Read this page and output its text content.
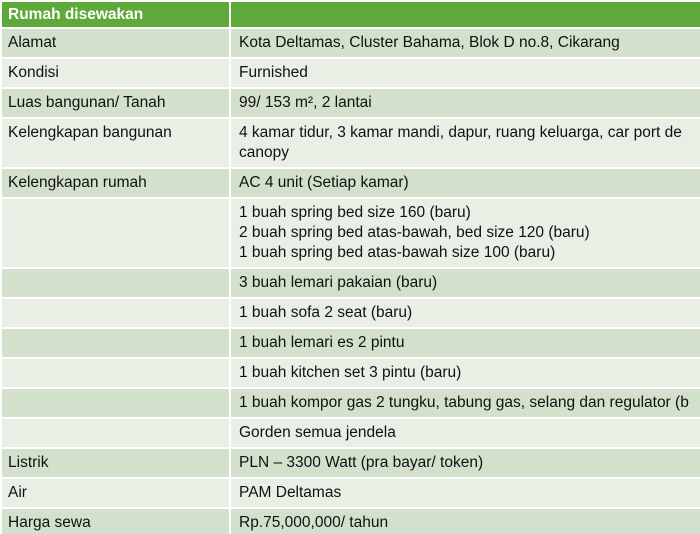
Rumah disewakan	
Alamat	Kota Deltamas, Cluster Bahama, Blok D no.8, Cikarang

Kondisi	Furnished

Luas bangunan/ Tanah	99/ 153 m², 2 lantai

Kelengkapan bangunan	4 kamar tidur, 3 kamar mandi, dapur, ruang keluarga, car port de
canopy

Kelengkapan rumah	AC 4 unit (Setiap kamar)

	1 buah spring bed size 160 (baru)
2 buah spring bed atas-bawah, bed size 120 (baru)
1 buah spring bed atas-bawah size 100 (baru)

	3 buah lemari pakaian (baru)

	1 buah sofa 2 seat (baru)

	1 buah lemari es 2 pintu

	1 buah kitchen set 3 pintu (baru)

	1 buah kompor gas 2 tungku, tabung gas, selang dan regulator (b

	Gorden semua jendela

Listrik	PLN – 3300 Watt (pra bayar/ token)

Air	PAM Deltamas

Harga sewa	Rp.75,000,000/ tahun
